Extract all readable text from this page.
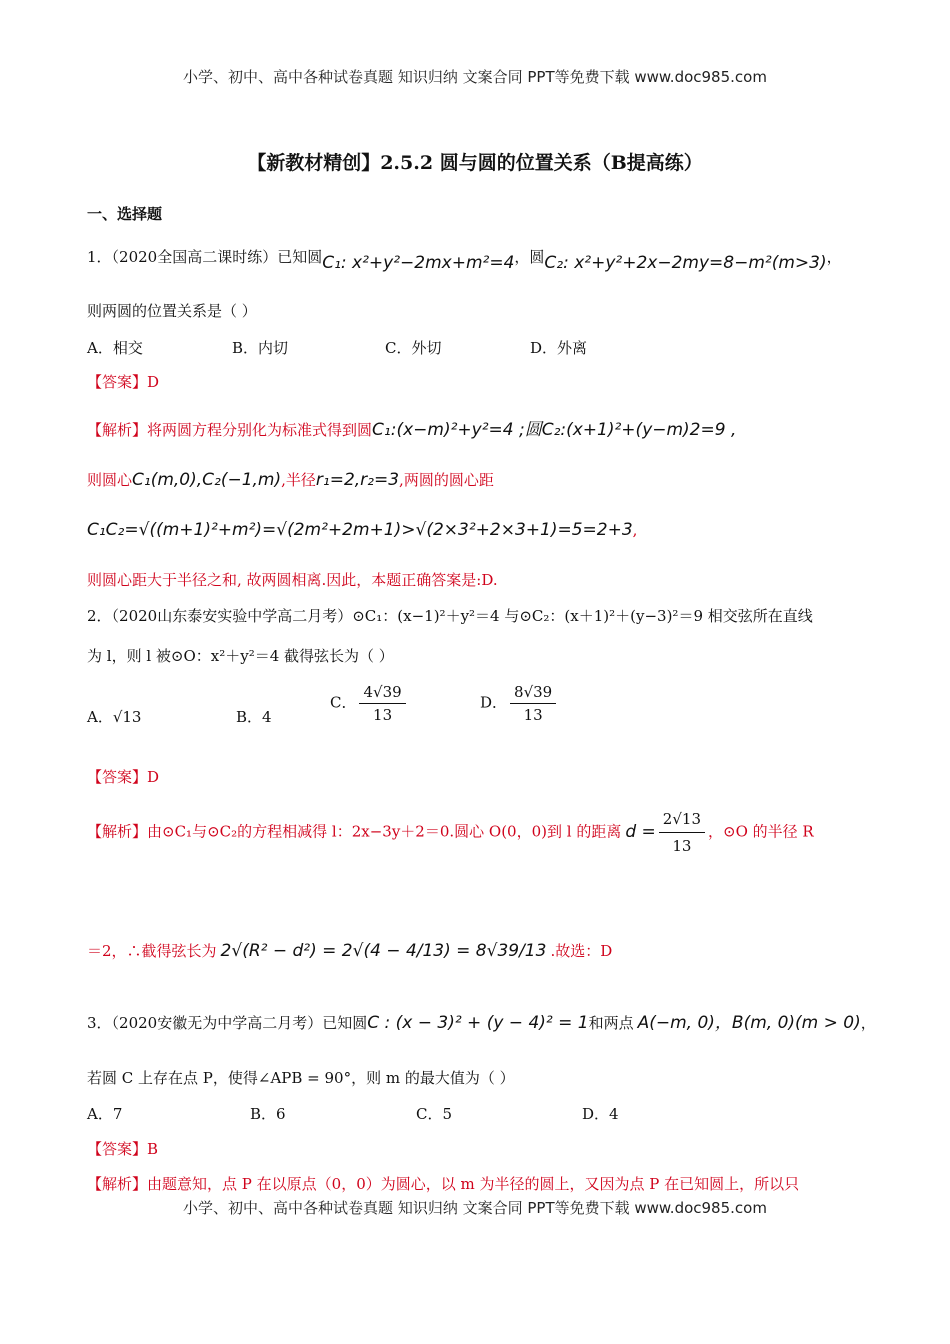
小学、初中、高中各种试卷真题 知识归纳 文案合同 PPT等免费下载 www.doc985.com
【新教材精创】2.5.2 圆与圆的位置关系（B提高练）
一、选择题
1．（2020全国高二课时练）已知圆C₁: x²+y²−2mx+m²=4，圆C₂: x²+y²+2x−2my=8−m²(m>3)，
则两圆的位置关系是（ ）
A．相交	B．内切	C．外切	D．外离
【答案】D
【解析】将两圆方程分别化为标准式得到圆C₁:(x−m)²+y²=4 ;圆C₂:(x+1)²+(y−m)2=9 ,
则圆心C₁(m,0),C₂(−1,m),半径r₁=2,r₂=3,两圆的圆心距
C₁C₂=√((m+1)²+m²)=√(2m²+2m+1)>√(2×3²+2×3+1)=5=2+3,
则圆心距大于半径之和, 故两圆相离.因此，本题正确答案是:D.
2．（2020山东泰安实验中学高二月考）⊙C₁：(x−1)²＋y²＝4 与⊙C₂：(x＋1)²＋(y−3)²＝9 相交弦所在直线
为 l，则 l 被⊙O：x²＋y²＝4 截得弦长为（ ）
A．√13	B．4
C． $\frac{4√39}{13}$	D． $\frac{8√39}{13}$
【答案】D
【解析】由⊙C₁与⊙C₂的方程相减得 l：2x−3y＋2＝0.圆心 O(0，0)到 l 的距离 $d = \frac{2√13}{13}$ ，⊙O 的半径 R
＝2，∴截得弦长为 2√(R² − d²) = 2√(4 − 4/13) = 8√39/13 .故选：D
3．（2020安徽无为中学高二月考）已知圆C : (x − 3)² + (y − 4)² = 1和两点 A(−m, 0)，B(m, 0)(m > 0)，
若圆 C 上存在点 P，使得∠APB = 90°，则 m 的最大值为（ ）
A．7	B．6	C．5	D．4
【答案】B
【解析】由题意知，点 P 在以原点（0，0）为圆心，以 m 为半径的圆上，又因为点 P 在已知圆上，所以只
小学、初中、高中各种试卷真题 知识归纳 文案合同 PPT等免费下载 www.doc985.com
